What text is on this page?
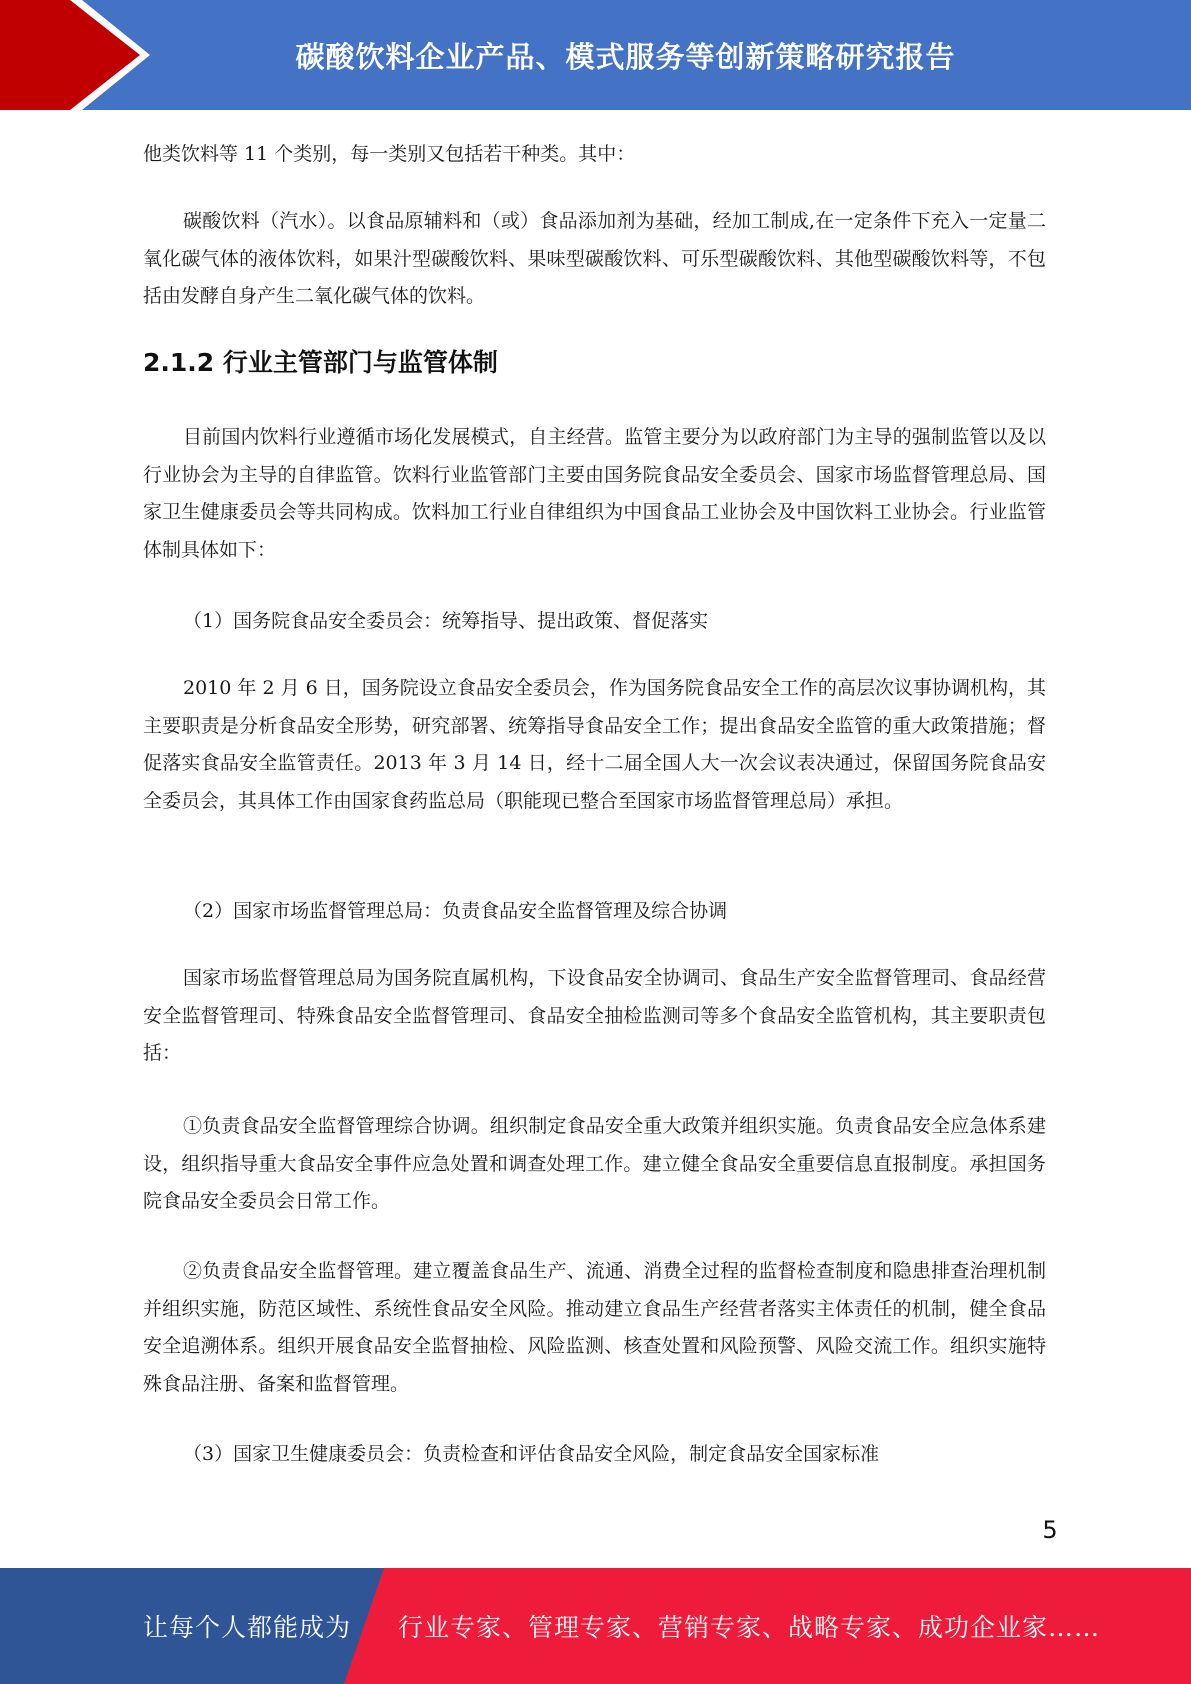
碳酸饮料企业产品、模式服务等创新策略研究报告

他类饮料等 11 个类别，每一类别又包括若干种类。其中：

碳酸饮料（汽水）。以食品原辅料和（或）食品添加剂为基础，经加工制成,在一定条件下充入一定量二氧化碳气体的液体饮料，如果汁型碳酸饮料、果味型碳酸饮料、可乐型碳酸饮料、其他型碳酸饮料等，不包括由发酵自身产生二氧化碳气体的饮料。

2.1.2 行业主管部门与监管体制

目前国内饮料行业遵循市场化发展模式，自主经营。监管主要分为以政府部门为主导的强制监管以及以行业协会为主导的自律监管。饮料行业监管部门主要由国务院食品安全委员会、国家市场监督管理总局、国家卫生健康委员会等共同构成。饮料加工行业自律组织为中国食品工业协会及中国饮料工业协会。行业监管体制具体如下：

（1）国务院食品安全委员会：统筹指导、提出政策、督促落实

2010 年 2 月 6 日，国务院设立食品安全委员会，作为国务院食品安全工作的高层次议事协调机构，其主要职责是分析食品安全形势，研究部署、统筹指导食品安全工作；提出食品安全监管的重大政策措施；督促落实食品安全监管责任。2013 年 3 月 14 日，经十二届全国人大一次会议表决通过，保留国务院食品安全委员会，其具体工作由国家食药监总局（职能现已整合至国家市场监督管理总局）承担。

（2）国家市场监督管理总局：负责食品安全监督管理及综合协调

国家市场监督管理总局为国务院直属机构，下设食品安全协调司、食品生产安全监督管理司、食品经营安全监督管理司、特殊食品安全监督管理司、食品安全抽检监测司等多个食品安全监管机构，其主要职责包括：

①负责食品安全监督管理综合协调。组织制定食品安全重大政策并组织实施。负责食品安全应急体系建设，组织指导重大食品安全事件应急处置和调查处理工作。建立健全食品安全重要信息直报制度。承担国务院食品安全委员会日常工作。

②负责食品安全监督管理。建立覆盖食品生产、流通、消费全过程的监督检查制度和隐患排查治理机制并组织实施，防范区域性、系统性食品安全风险。推动建立食品生产经营者落实主体责任的机制，健全食品安全追溯体系。组织开展食品安全监督抽检、风险监测、核查处置和风险预警、风险交流工作。组织实施特殊食品注册、备案和监督管理。

（3）国家卫生健康委员会：负责检查和评估食品安全风险，制定食品安全国家标准

5
让每个人都能成为 行业专家、管理专家、营销专家、战略专家、成功企业家……
